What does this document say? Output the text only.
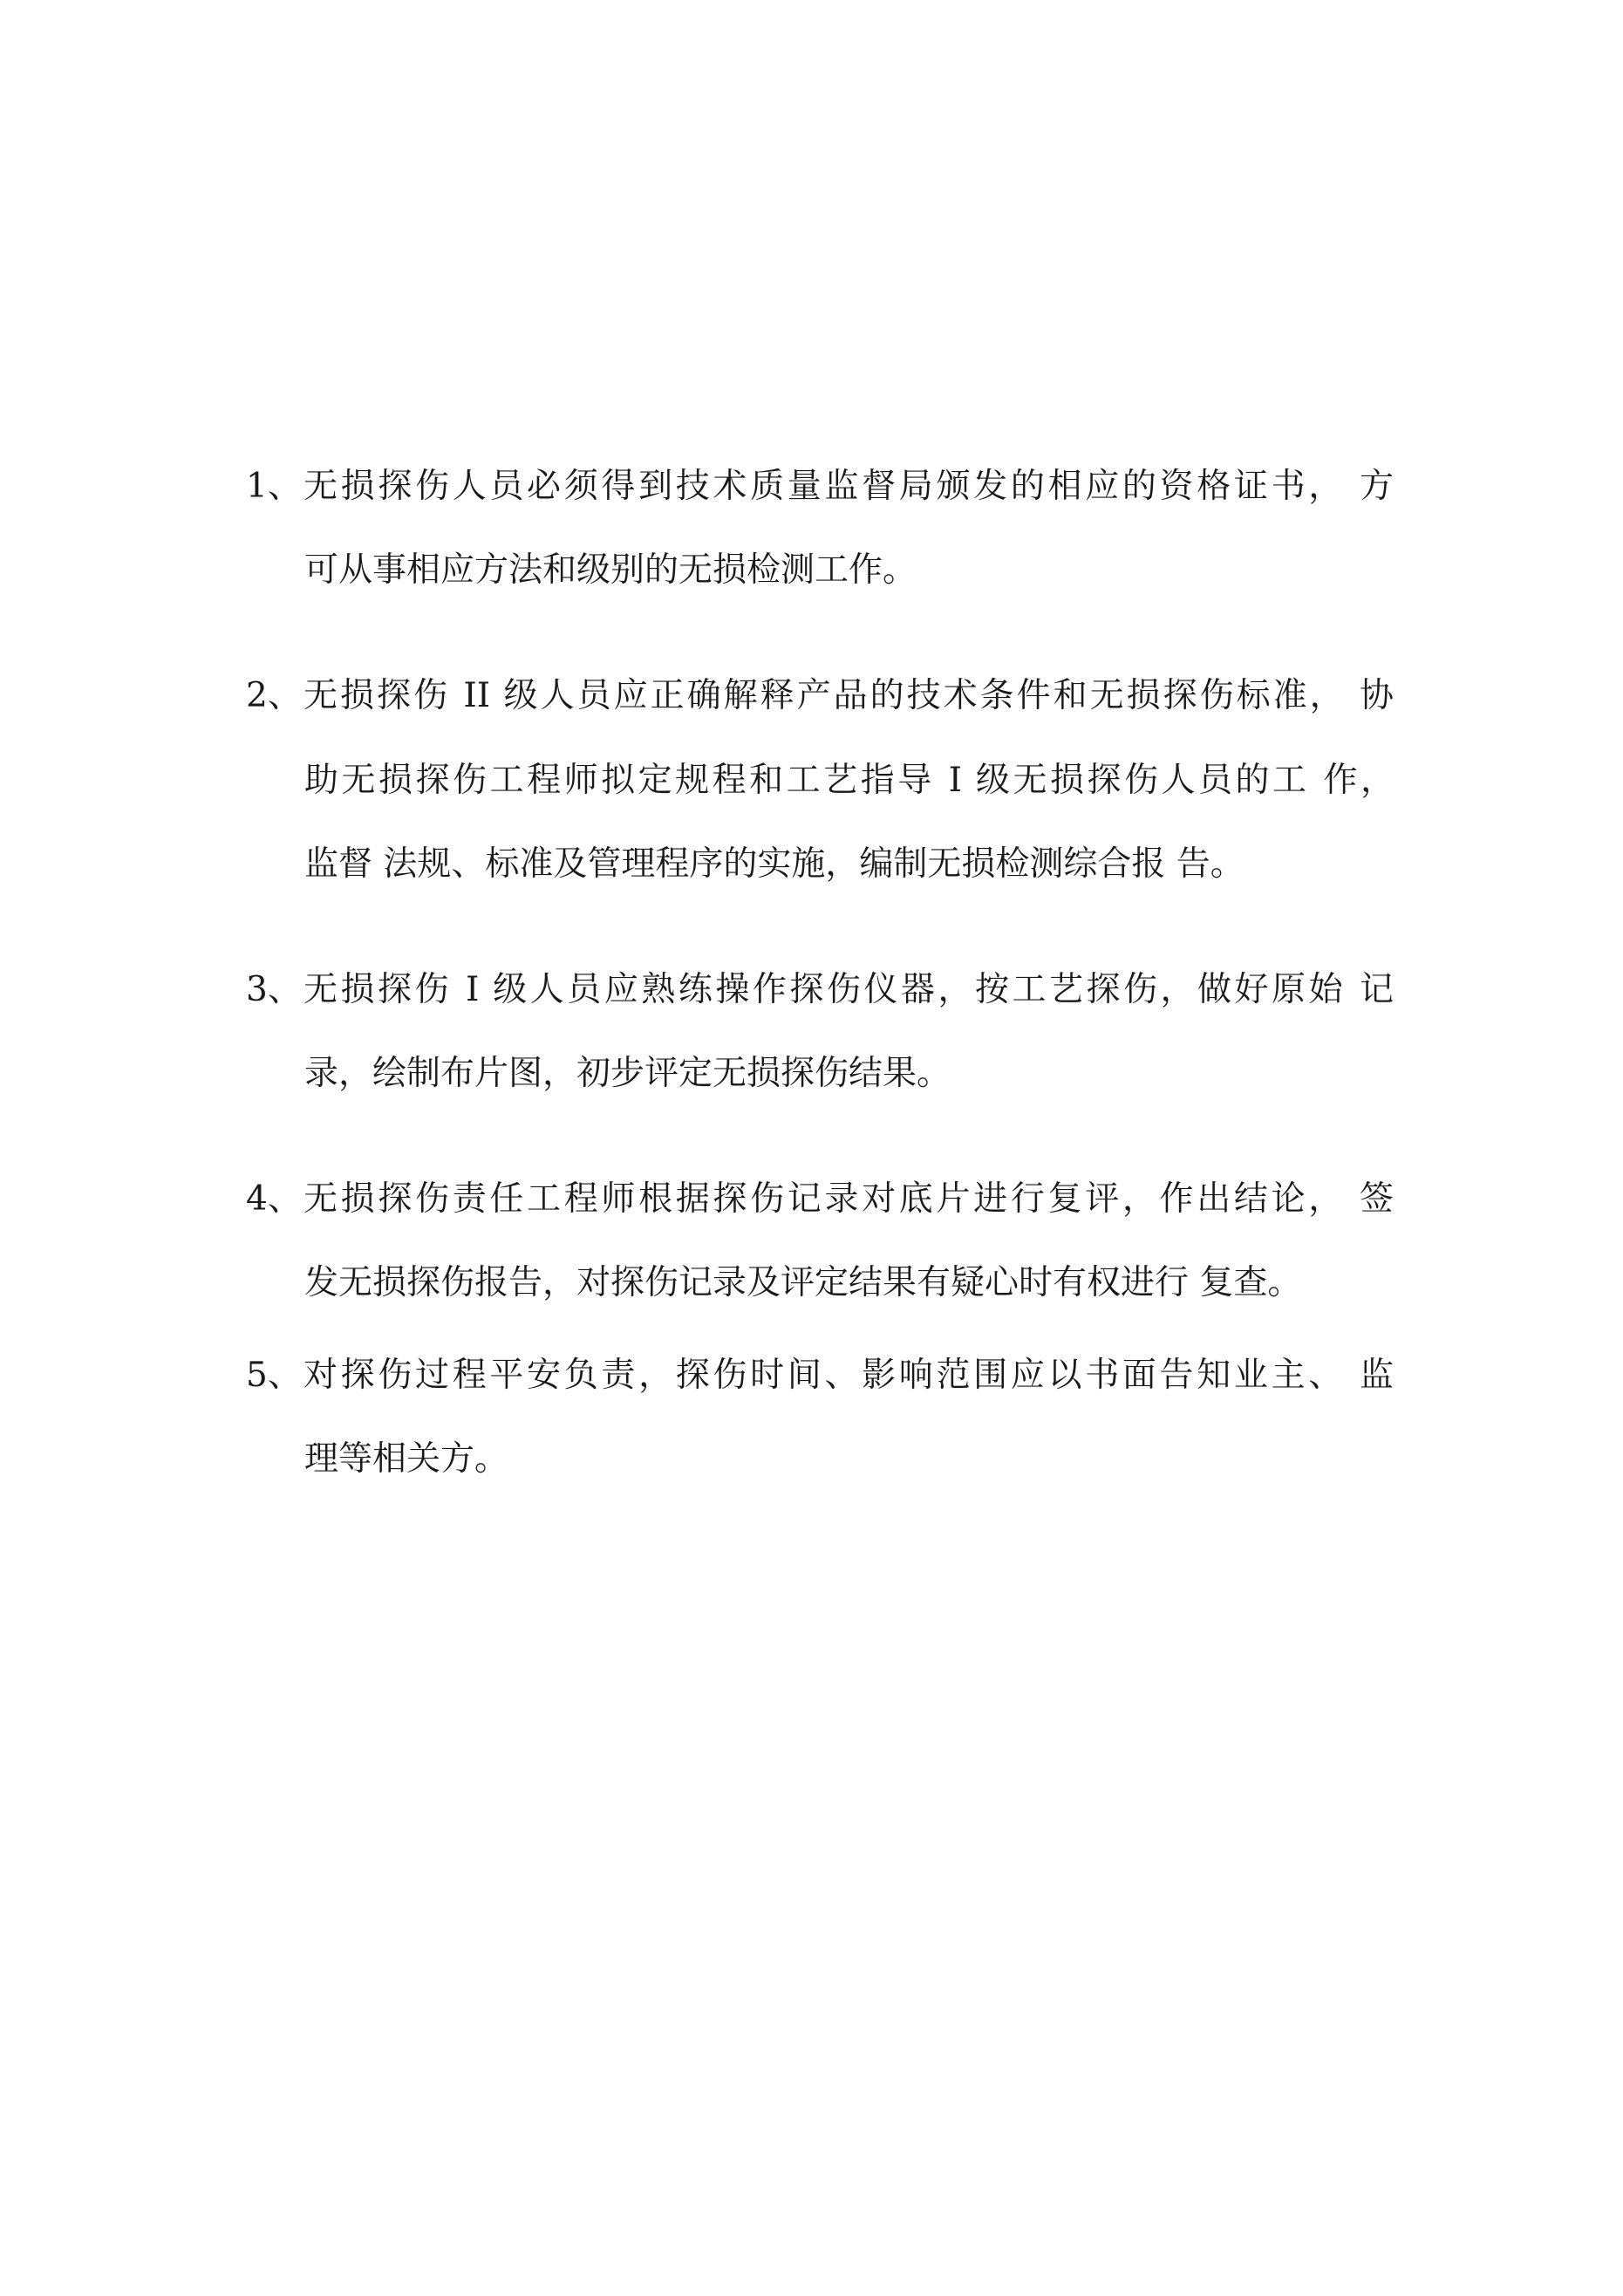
1、 无损探伤人员必须得到技术质量监督局颁发的相应的资格证书， 方
可从事相应方法和级别的无损检测工作。
2、 无损探伤 II 级人员应正确解释产品的技术条件和无损探伤标准， 协
助无损探伤工程师拟定规程和工艺指导 I 级无损探伤人员的工 作，
监督 法规、标准及管理程序的实施，编制无损检测综合报 告。
3、 无损探伤 I 级人员应熟练操作探伤仪器，按工艺探伤，做好原始 记
录，绘制布片图，初步评定无损探伤结果。
4、 无损探伤责任工程师根据探伤记录对底片进行复评，作出结论， 签
发无损探伤报告，对探伤记录及评定结果有疑心时有权进行 复查。
5、 对探伤过程平安负责，探伤时间、影响范围应以书面告知业主、 监
理等相关方。
